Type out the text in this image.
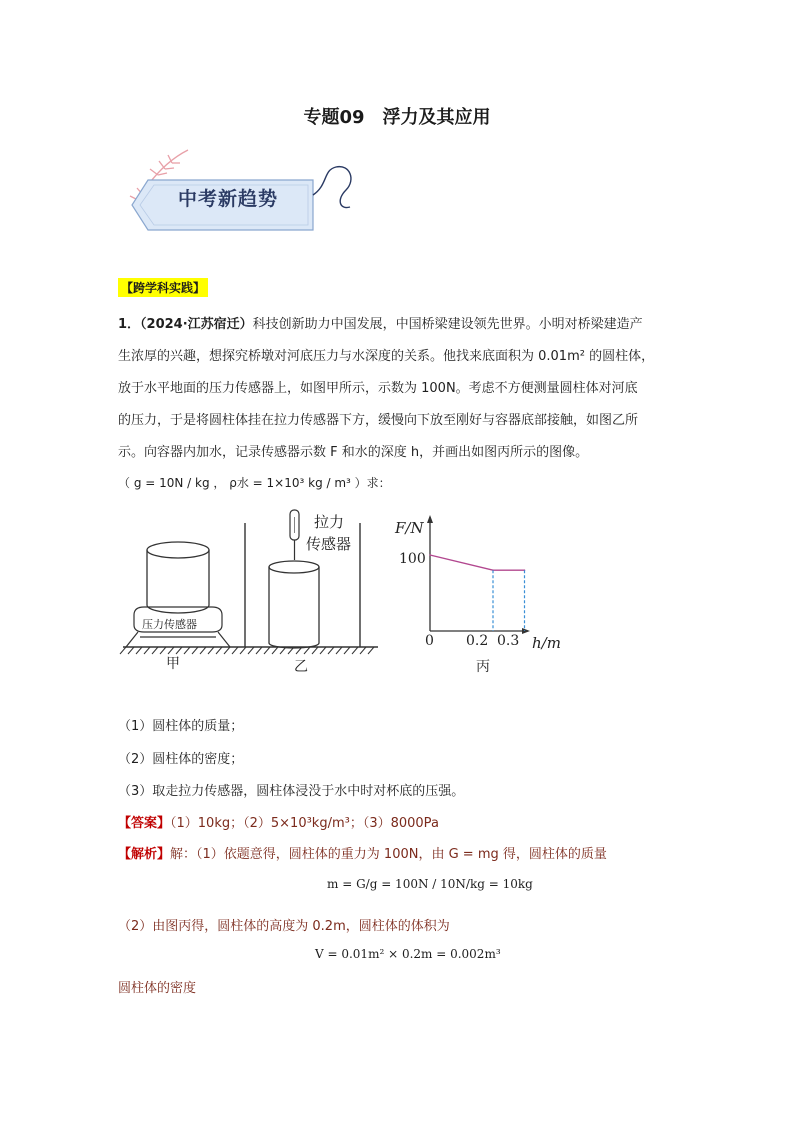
专题09　浮力及其应用
中考新趋势
【跨学科实践】
1．（2024·江苏宿迁）科技创新助力中国发展，中国桥梁建设领先世界。小明对桥梁建造产
生浓厚的兴趣，想探究桥墩对河底压力与水深度的关系。他找来底面积为 0.01m² 的圆柱体，
放于水平地面的压力传感器上，如图甲所示，示数为 100N。考虑不方便测量圆柱体对河底
的压力，于是将圆柱体挂在拉力传感器下方，缓慢向下放至刚好与容器底部接触，如图乙所
示。向容器内加水，记录传感器示数 F 和水的深度 h，并画出如图丙所示的图像。
（ g = 10N / kg ， ρ水 = 1×10³ kg / m³ ）求：
压力传感器
甲
拉力
传感器
乙
F/N
100
0 0.2 0.3 h/m
丙
（1）圆柱体的质量；
（2）圆柱体的密度；
（3）取走拉力传感器，圆柱体浸没于水中时对杯底的压强。
【答案】（1）10kg；（2）5×10³kg/m³；（3）8000Pa
【解析】解：（1）依题意得，圆柱体的重力为 100N，由 G = mg 得，圆柱体的质量
m = G/g = 100N / 10N/kg = 10kg
（2）由图丙得，圆柱体的高度为 0.2m，圆柱体的体积为
V = 0.01m² × 0.2m = 0.002m³
圆柱体的密度
